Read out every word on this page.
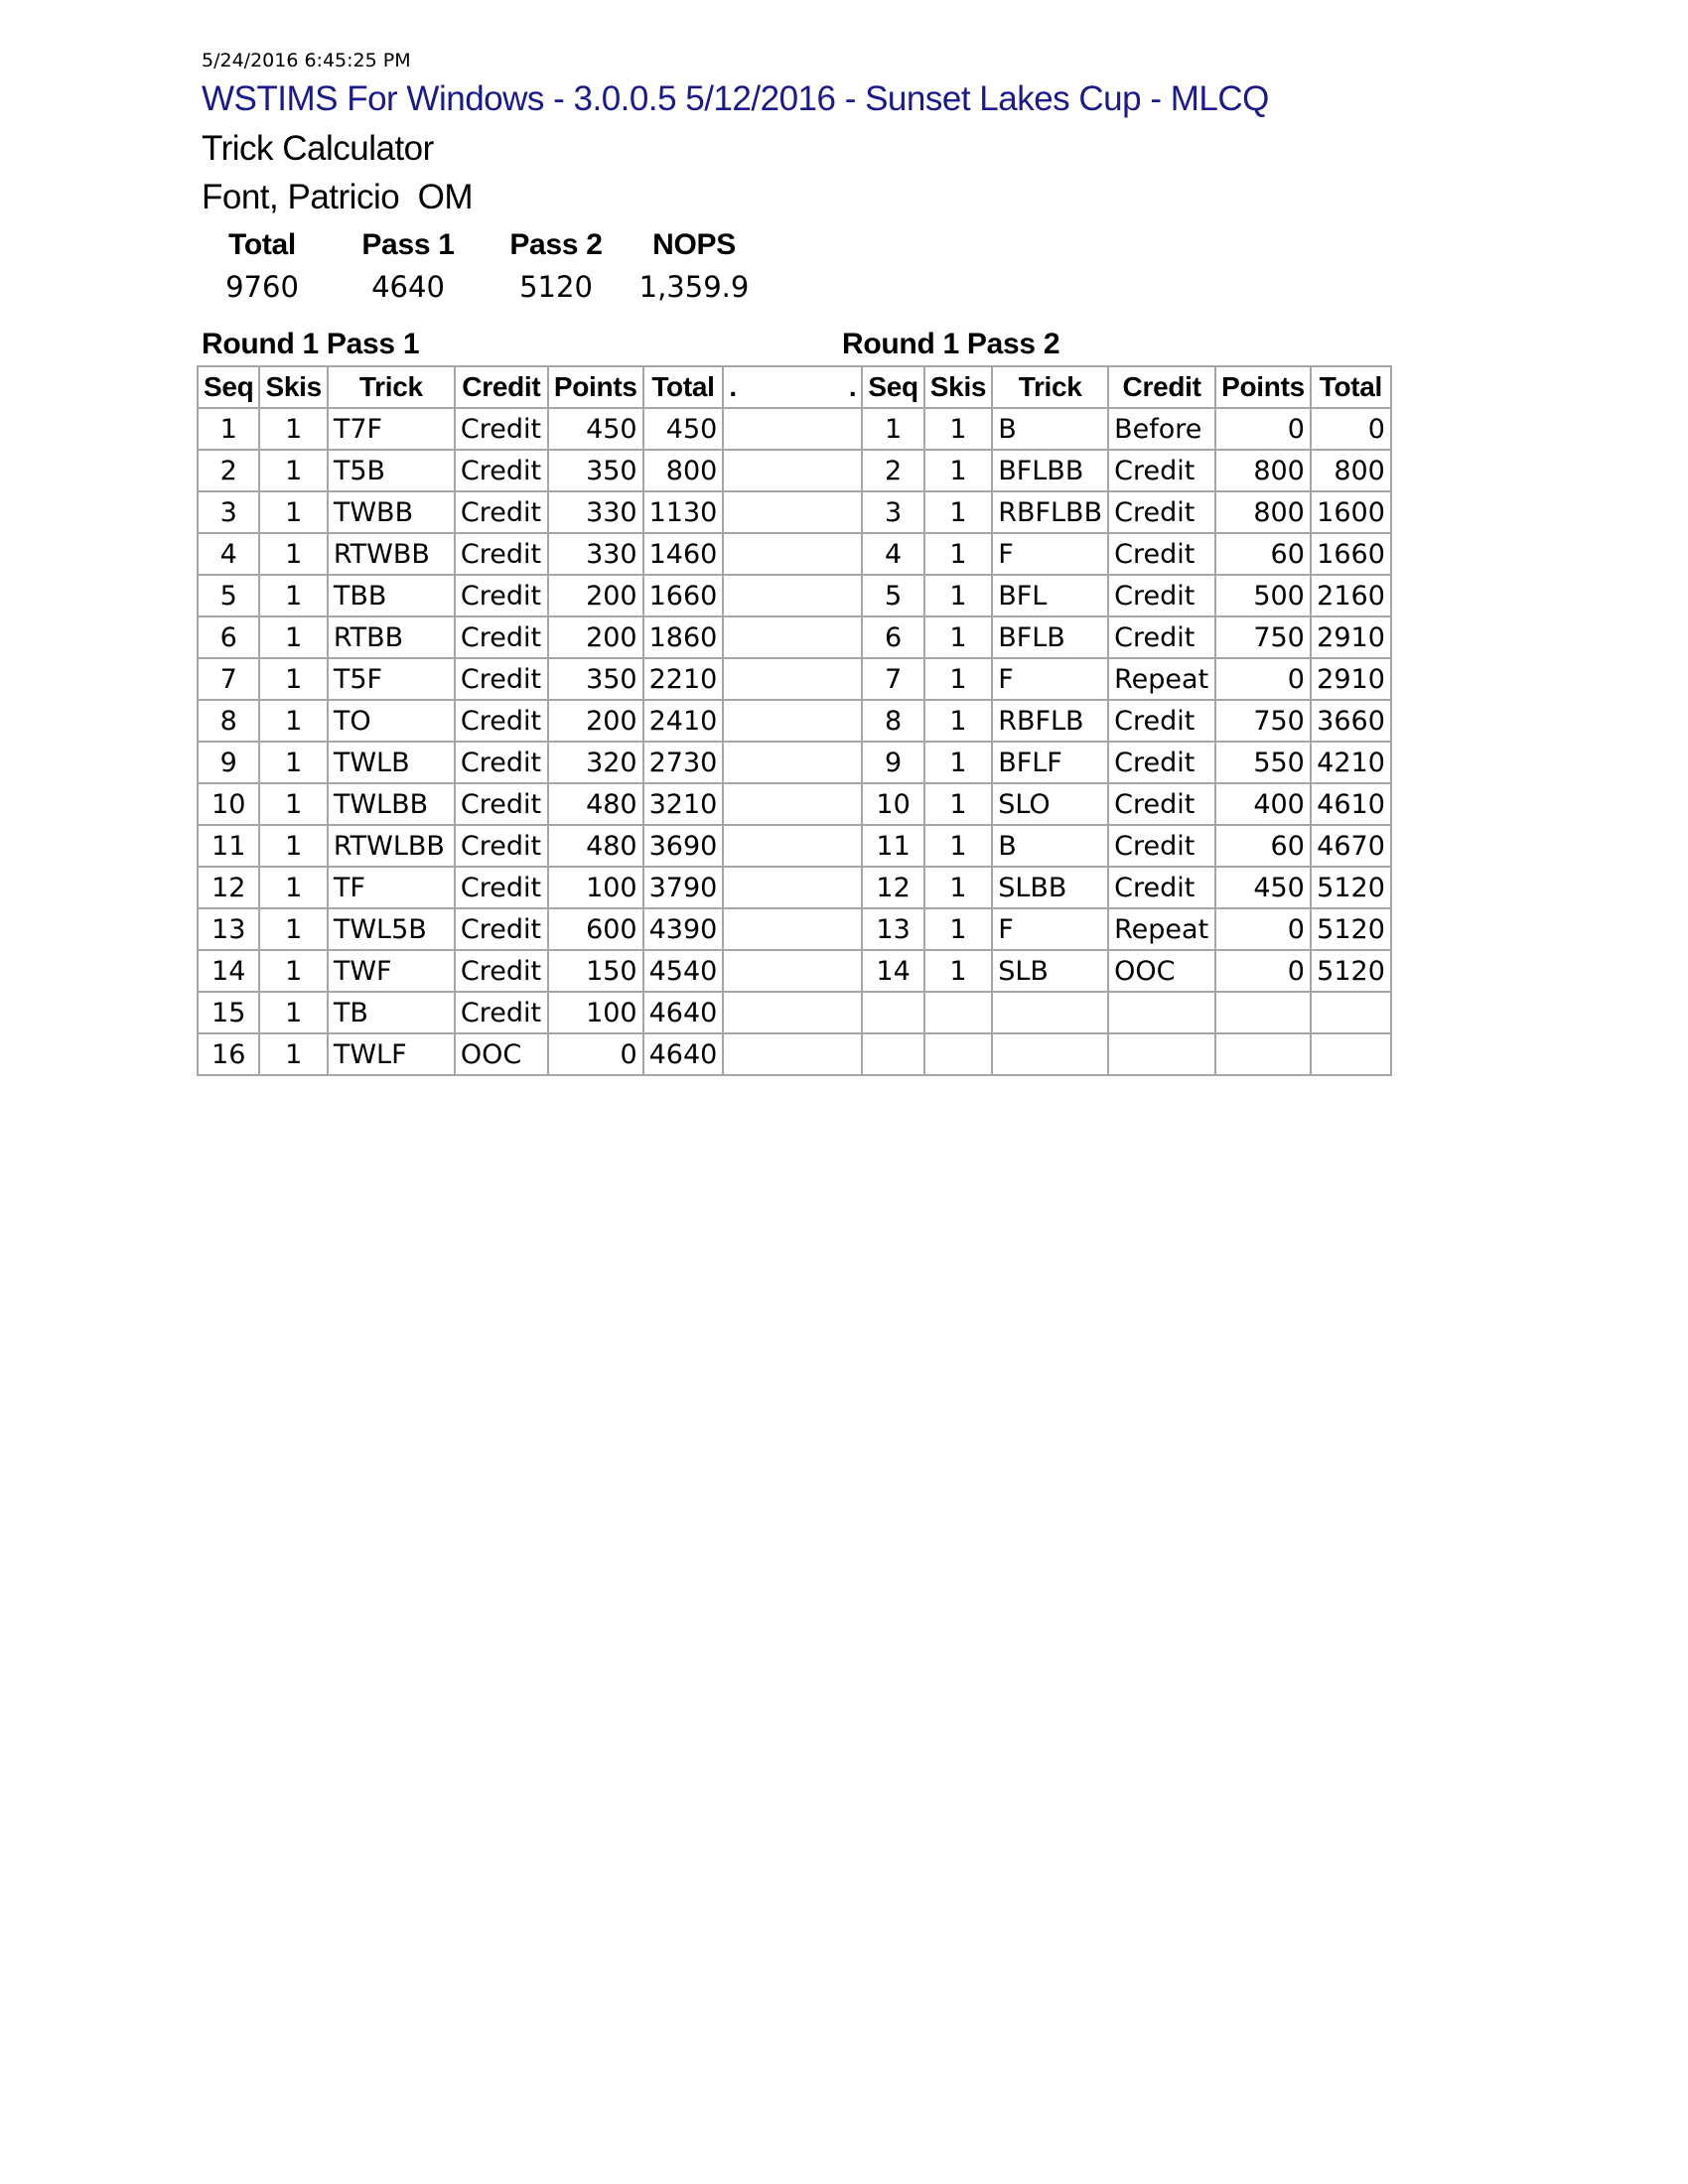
5/24/2016 6:45:25 PM
WSTIMS For Windows - 3.0.0.5 5/12/2016 - Sunset Lakes Cup - MLCQ
Trick Calculator
Font, Patricio OM
Total	Pass 1	Pass 2	NOPS
9760	4640	5120	1,359.9
Round 1 Pass 1	Round 1 Pass 2
Seq	Skis	Trick	Credit	Points	Total	. .	Seq	Skis	Trick	Credit	Points	Total
1	1	T7F	Credit	450	450		1	1	B	Before	0	0
2	1	T5B	Credit	350	800		2	1	BFLBB	Credit	800	800
3	1	TWBB	Credit	330	1130		3	1	RBFLBB	Credit	800	1600
4	1	RTWBB	Credit	330	1460		4	1	F	Credit	60	1660
5	1	TBB	Credit	200	1660		5	1	BFL	Credit	500	2160
6	1	RTBB	Credit	200	1860		6	1	BFLB	Credit	750	2910
7	1	T5F	Credit	350	2210		7	1	F	Repeat	0	2910
8	1	TO	Credit	200	2410		8	1	RBFLB	Credit	750	3660
9	1	TWLB	Credit	320	2730		9	1	BFLF	Credit	550	4210
10	1	TWLBB	Credit	480	3210		10	1	SLO	Credit	400	4610
11	1	RTWLBB	Credit	480	3690		11	1	B	Credit	60	4670
12	1	TF	Credit	100	3790		12	1	SLBB	Credit	450	5120
13	1	TWL5B	Credit	600	4390		13	1	F	Repeat	0	5120
14	1	TWF	Credit	150	4540		14	1	SLB	OOC	0	5120
15	1	TB	Credit	100	4640							
16	1	TWLF	OOC	0	4640							
